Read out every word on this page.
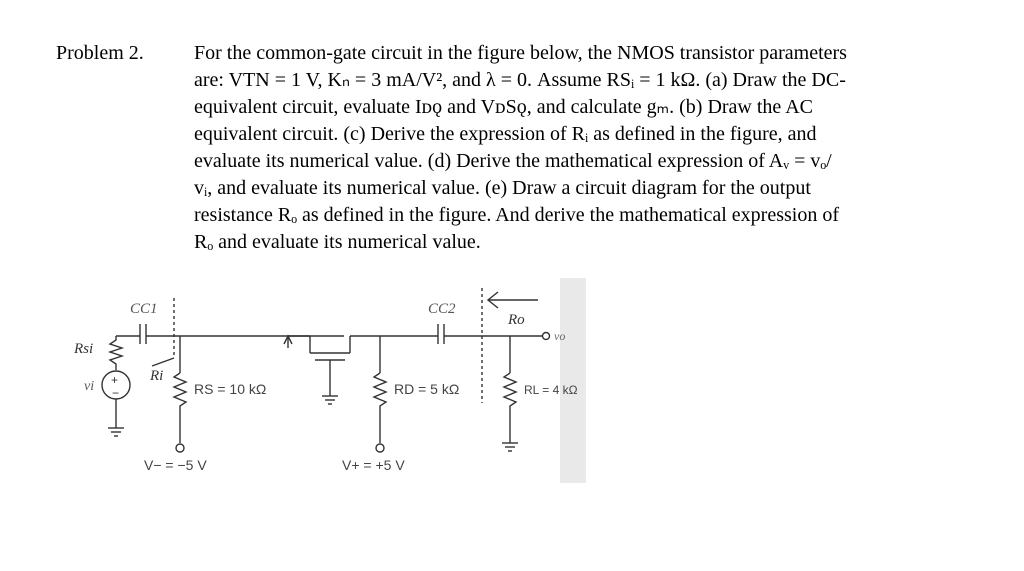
Problem 2.	For the common-gate circuit in the figure below, the NMOS transistor parameters

are: VTN = 1 V, Kₙ = 3 mA/V², and λ = 0. Assume RSᵢ = 1 kΩ. (a) Draw the DC-

equivalent circuit, evaluate Iᴅǫ and VᴅSǫ, and calculate gₘ. (b) Draw the AC

equivalent circuit. (c) Derive the expression of Rᵢ as defined in the figure, and

evaluate its numerical value. (d) Derive the mathematical expression of Aᵥ = vₒ/

vᵢ, and evaluate its numerical value. (e) Draw a circuit diagram for the output

resistance Rₒ as defined in the figure. And derive the mathematical expression of

Rₒ and evaluate its numerical value.

CC1
Rsi
vi +
−
Ri
RS = 10 kΩ
V− = −5 V
CC2
Ro
vo
RD = 5 kΩ	RL = 4 kΩ
V+ = +5 V
